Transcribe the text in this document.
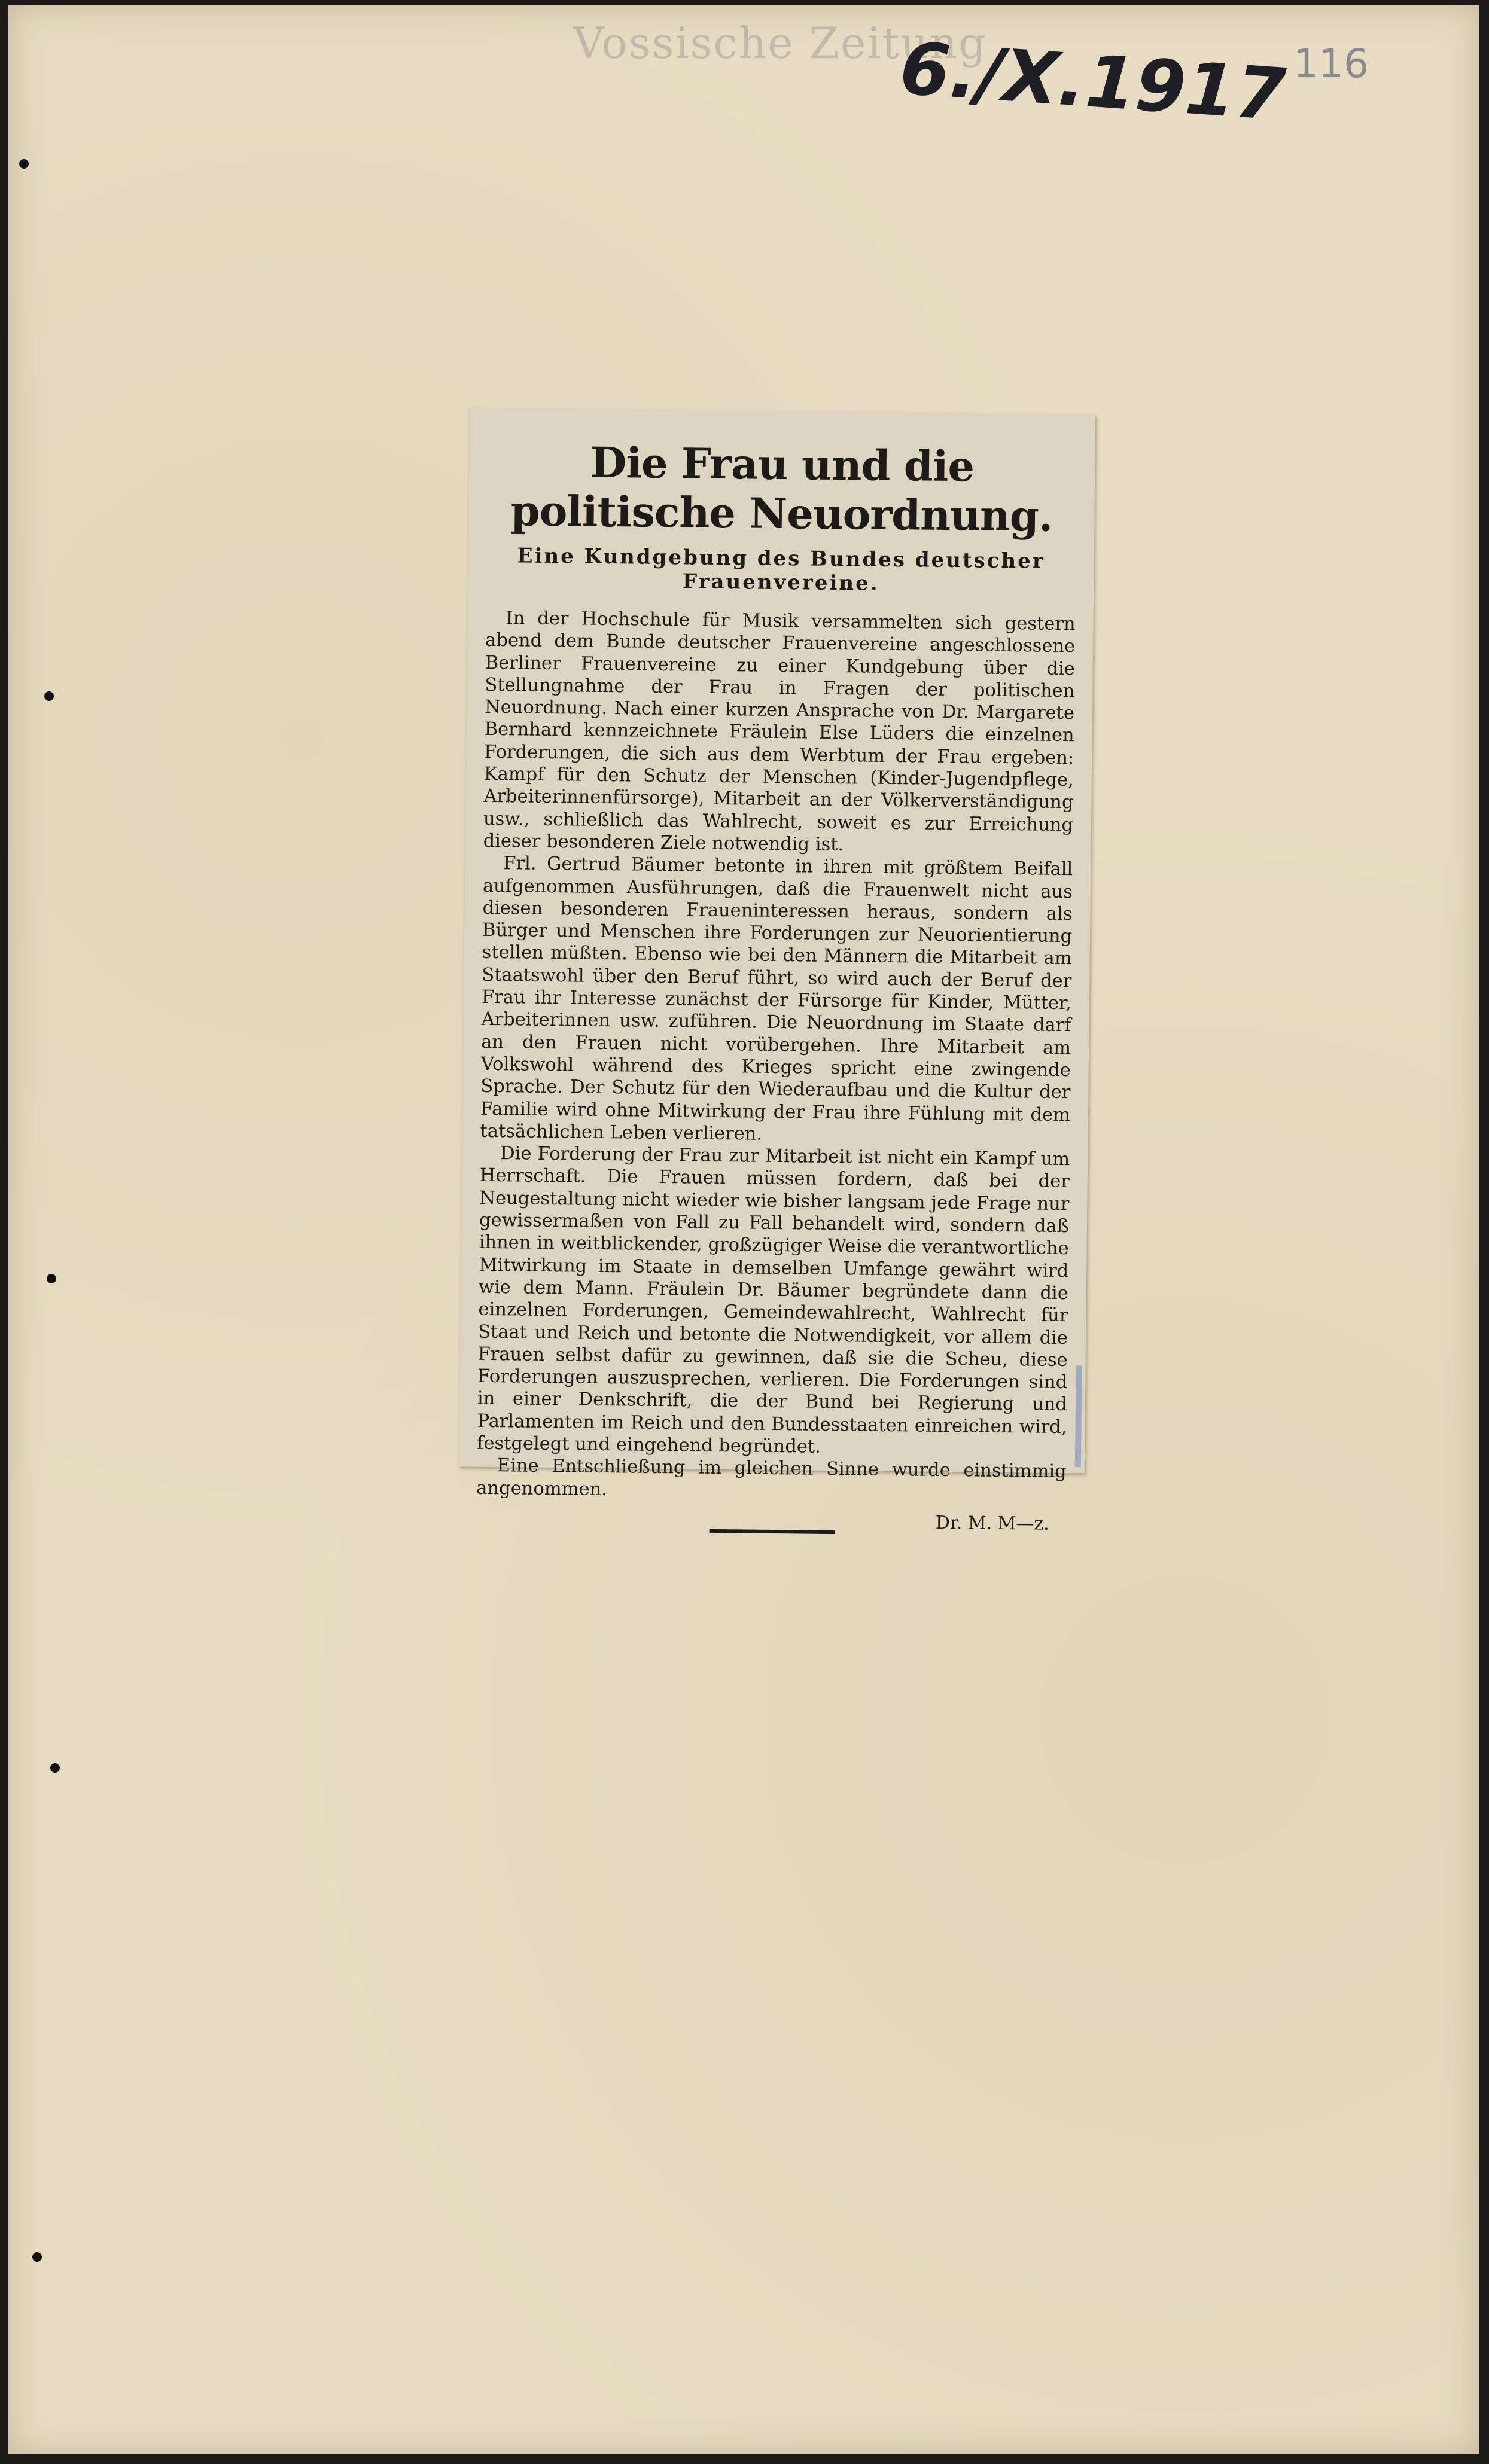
Vossische Zeitung
6./X.1917 116
Die Frau und die politische Neuordnung.
Eine Kundgebung des Bundes deutscher Frauenvereine.

In der Hochschule für Musik versammelten sich gestern abend dem Bunde deutscher Frauenvereine angeschlossene Berliner Frauenvereine zu einer Kundgebung über die Stellungnahme der Frau in Fragen der politischen Neuordnung. Nach einer kurzen Ansprache von Dr. Margarete Bernhard kennzeichnete Fräulein Else Lüders die einzelnen Forderungen, die sich aus dem Werbtum der Frau ergeben: Kampf für den Schutz der Menschen (Kinder-Jugendpflege, Arbeiterinnenfürsorge), Mitarbeit an der Völkerverständigung usw., schließlich das Wahlrecht, soweit es zur Erreichung dieser besonderen Ziele notwendig ist.

Frl. Gertrud Bäumer betonte in ihren mit größtem Beifall aufgenommen Ausführungen, daß die Frauenwelt nicht aus diesen besonderen Fraueninteressen heraus, sondern als Bürger und Menschen ihre Forderungen zur Neuorientierung stellen müßten. Ebenso wie bei den Männern die Mitarbeit am Staatswohl über den Beruf führt, so wird auch der Beruf der Frau ihr Interesse zunächst der Fürsorge für Kinder, Mütter, Arbeiterinnen usw. zuführen. Die Neuordnung im Staate darf an den Frauen nicht vorübergehen. Ihre Mitarbeit am Volkswohl während des Krieges spricht eine zwingende Sprache. Der Schutz für den Wiederaufbau und die Kultur der Familie wird ohne Mitwirkung der Frau ihre Fühlung mit dem tatsächlichen Leben verlieren.

Die Forderung der Frau zur Mitarbeit ist nicht ein Kampf um Herrschaft. Die Frauen müssen fordern, daß bei der Neugestaltung nicht wieder wie bisher langsam jede Frage nur gewissermaßen von Fall zu Fall behandelt wird, sondern daß ihnen in weitblickender, großzügiger Weise die verantwortliche Mitwirkung im Staate in demselben Umfange gewährt wird wie dem Mann. Fräulein Dr. Bäumer begründete dann die einzelnen Forderungen, Gemeindewahlrecht, Wahlrecht für Staat und Reich und betonte die Notwendigkeit, vor allem die Frauen selbst dafür zu gewinnen, daß sie die Scheu, diese Forderungen auszusprechen, verlieren. Die Forderungen sind in einer Denkschrift, die der Bund bei Regierung und Parlamenten im Reich und den Bundesstaaten einreichen wird, festgelegt und eingehend begründet.

Eine Entschließung im gleichen Sinne wurde einstimmig angenommen.

Dr. M. M—z.
